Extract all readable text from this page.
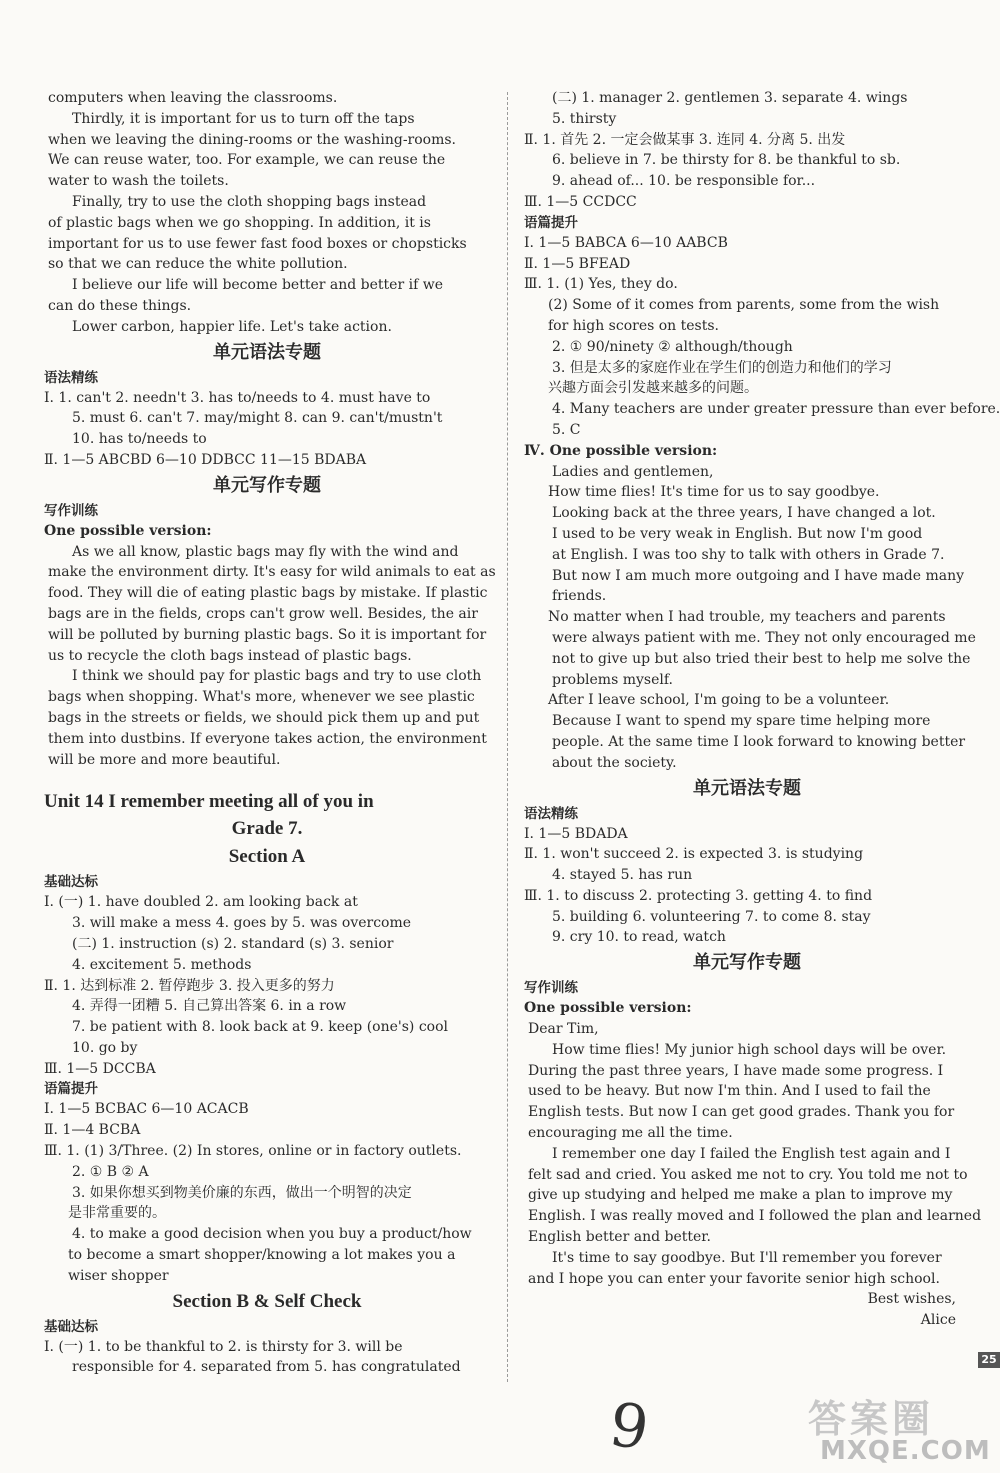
computers when leaving the classrooms.
Thirdly, it is important for us to turn off the taps
when we leaving the dining-rooms or the washing-rooms.
We can reuse water, too. For example, we can reuse the
water to wash the toilets.
Finally, try to use the cloth shopping bags instead
of plastic bags when we go shopping. In addition, it is
important for us to use fewer fast food boxes or chopsticks
so that we can reduce the white pollution.
I believe our life will become better and better if we
can do these things.
Lower carbon, happier life. Let's take action.
单元语法专题
语法精练
Ⅰ. 1. can't 2. needn't 3. has to/needs to 4. must have to
5. must 6. can't 7. may/might 8. can 9. can't/mustn't
10. has to/needs to
Ⅱ. 1—5 ABCBD 6—10 DDBCC 11—15 BDABA
单元写作专题
写作训练
One possible version:
As we all know, plastic bags may fly with the wind and
make the environment dirty. It's easy for wild animals to eat as
food. They will die of eating plastic bags by mistake. If plastic
bags are in the fields, crops can't grow well. Besides, the air
will be polluted by burning plastic bags. So it is important for
us to recycle the cloth bags instead of plastic bags.
I think we should pay for plastic bags and try to use cloth
bags when shopping. What's more, whenever we see plastic
bags in the streets or fields, we should pick them up and put
them into dustbins. If everyone takes action, the environment
will be more and more beautiful.
Unit 14 I remember meeting all of you in
Grade 7.
Section A
基础达标
Ⅰ. (一) 1. have doubled 2. am looking back at
3. will make a mess 4. goes by 5. was overcome
(二) 1. instruction (s) 2. standard (s) 3. senior
4. excitement 5. methods
Ⅱ. 1. 达到标准 2. 暂停跑步 3. 投入更多的努力
4. 弄得一团糟 5. 自己算出答案 6. in a row
7. be patient with 8. look back at 9. keep (one's) cool
10. go by
Ⅲ. 1—5 DCCBA
语篇提升
Ⅰ. 1—5 BCBAC 6—10 ACACB
Ⅱ. 1—4 BCBA
Ⅲ. 1. (1) 3/Three. (2) In stores, online or in factory outlets.
2. ① B ② A
3. 如果你想买到物美价廉的东西，做出一个明智的决定
是非常重要的。
4. to make a good decision when you buy a product/how
to become a smart shopper/knowing a lot makes you a
wiser shopper
Section B & Self Check
基础达标
Ⅰ. (一) 1. to be thankful to 2. is thirsty for 3. will be
responsible for 4. separated from 5. has congratulated
(二) 1. manager 2. gentlemen 3. separate 4. wings
5. thirsty
Ⅱ. 1. 首先 2. 一定会做某事 3. 连同 4. 分离 5. 出发
6. believe in 7. be thirsty for 8. be thankful to sb.
9. ahead of... 10. be responsible for...
Ⅲ. 1—5 CCDCC
语篇提升
Ⅰ. 1—5 BABCA 6—10 AABCB
Ⅱ. 1—5 BFEAD
Ⅲ. 1. (1) Yes, they do.
(2) Some of it comes from parents, some from the wish
for high scores on tests.
2. ① 90/ninety ② although/though
3. 但是太多的家庭作业在学生们的创造力和他们的学习
兴趣方面会引发越来越多的问题。
4. Many teachers are under greater pressure than ever before.
5. C
Ⅳ. One possible version:
Ladies and gentlemen,
How time flies! It's time for us to say goodbye.
Looking back at the three years, I have changed a lot.
I used to be very weak in English. But now I'm good
at English. I was too shy to talk with others in Grade 7.
But now I am much more outgoing and I have made many
friends.
No matter when I had trouble, my teachers and parents
were always patient with me. They not only encouraged me
not to give up but also tried their best to help me solve the
problems myself.
After I leave school, I'm going to be a volunteer.
Because I want to spend my spare time helping more
people. At the same time I look forward to knowing better
about the society.
单元语法专题
语法精练
Ⅰ. 1—5 BDADA
Ⅱ. 1. won't succeed 2. is expected 3. is studying
4. stayed 5. has run
Ⅲ. 1. to discuss 2. protecting 3. getting 4. to find
5. building 6. volunteering 7. to come 8. stay
9. cry 10. to read, watch
单元写作专题
写作训练
One possible version:
Dear Tim,
How time flies! My junior high school days will be over.
During the past three years, I have made some progress. I
used to be heavy. But now I'm thin. And I used to fail the
English tests. But now I can get good grades. Thank you for
encouraging me all the time.
I remember one day I failed the English test again and I
felt sad and cried. You asked me not to cry. You told me not to
give up studying and helped me make a plan to improve my
English. I was really moved and I followed the plan and learned
English better and better.
It's time to say goodbye. But I'll remember you forever
and I hope you can enter your favorite senior high school.
Best wishes,
Alice
9	答案圈
MXQE.COM
25
